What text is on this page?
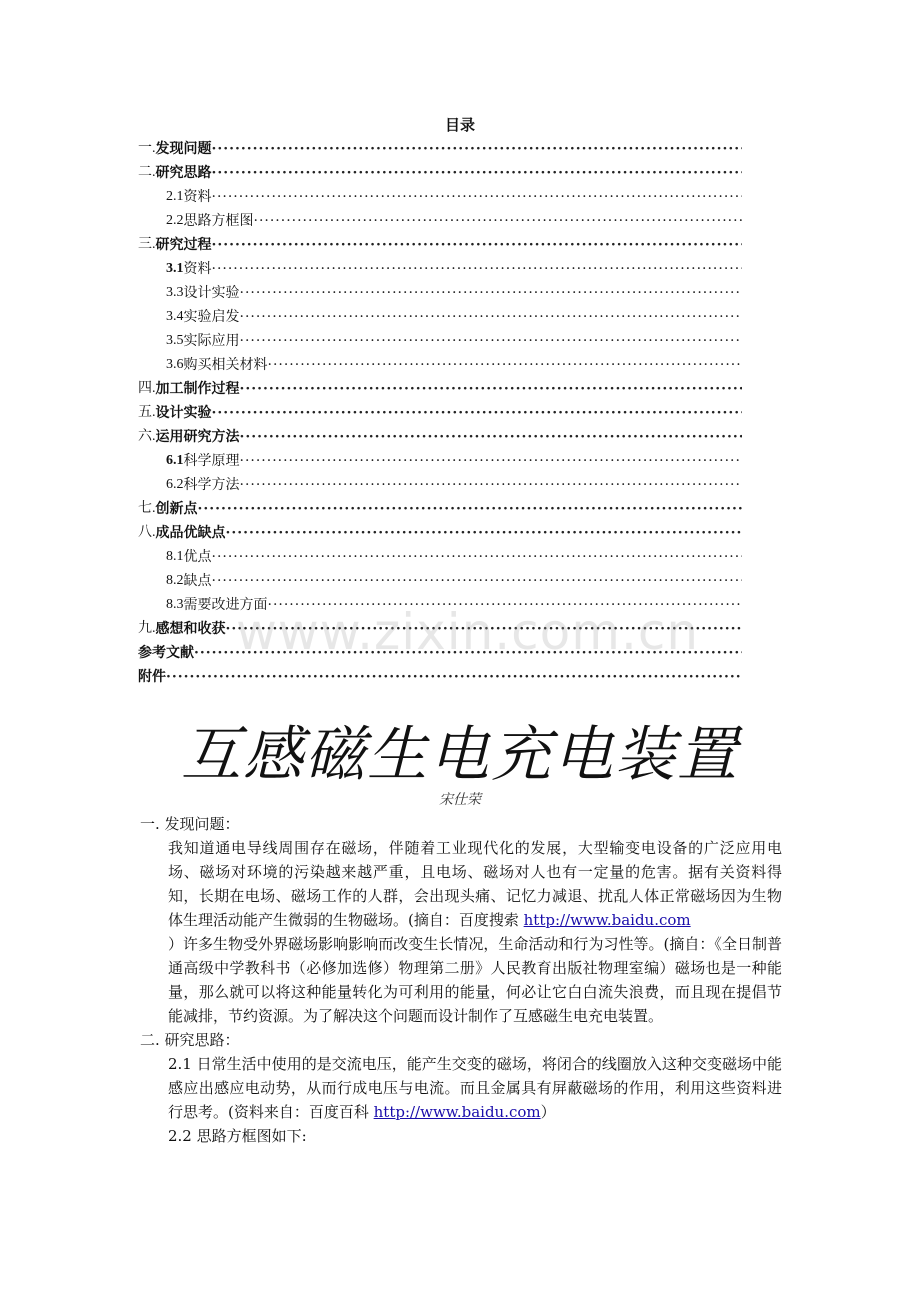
目录
一. 发现问题
·····
二. 研究思路
·····
2.1 资料
·····
2.2 思路方框图
·····
三. 研究过程
·····
3.1 资料
·····
3.3 设计实验
·····
3.4 实验启发
·····
3.5 实际应用
·····
3.6 购买相关材料
·····
四. 加工制作过程
·····
五. 设计实验
·····
六. 运用研究方法
·····
6.1 科学原理
·····
6.2 科学方法
·····
七. 创新点
·····
八. 成品优缺点
·····
8.1 优点
·····
8.2 缺点
·····
8.3 需要改进方面
·····
九. 感想和收获
·····
参考文献
·····
附件
·····
www.zixin.com.cn
互感磁生电充电装置
宋仕荣
一. 发现问题：

我知道通电导线周围存在磁场，伴随着工业现代化的发展，大型输变电设备的广泛应用电场、磁场对环境的污染越来越严重，且电场、磁场对人也有一定量的危害。据有关资料得知，长期在电场、磁场工作的人群，会出现头痛、记忆力减退、扰乱人体正常磁场因为生物体生理活动能产生微弱的生物磁场。(摘自：百度搜索 http://www.baidu.com
）许多生物受外界磁场影响影响而改变生长情况，生命活动和行为习性等。(摘自：《全日制普通高级中学教科书（必修加选修）物理第二册》人民教育出版社物理室编）磁场也是一种能量，那么就可以将这种能量转化为可利用的能量，何必让它白白流失浪费，而且现在提倡节能减排，节约资源。为了解决这个问题而设计制作了互感磁生电充电装置。

二. 研究思路：

2.1 日常生活中使用的是交流电压，能产生交变的磁场，将闭合的线圈放入这种交变磁场中能感应出感应电动势，从而行成电压与电流。而且金属具有屏蔽磁场的作用，利用这些资料进行思考。(资料来自：百度百科 http://www.baidu.com）

2.2 思路方框图如下:
